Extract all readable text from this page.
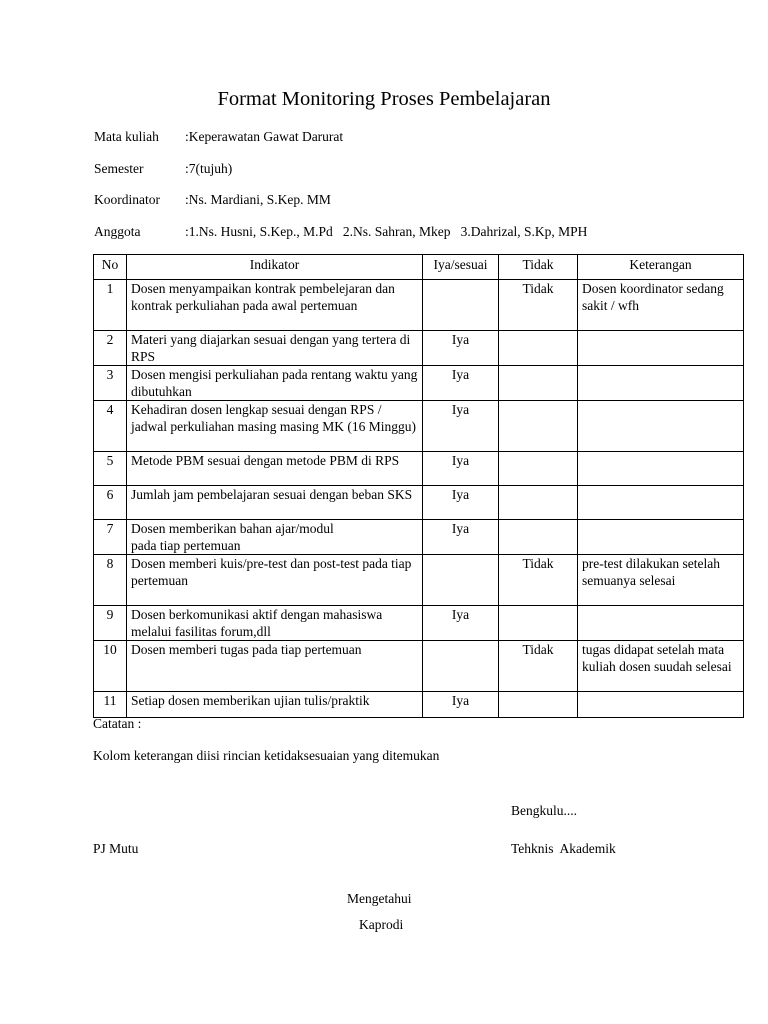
Format Monitoring Proses Pembelajaran
Mata kuliah :Keperawatan Gawat Darurat
Semester	:7(tujuh)
Koordinator :Ns. Mardiani, S.Kep. MM
Anggota	:1.Ns. Husni, S.Kep., M.Pd   2.Ns. Sahran, Mkep   3.Dahrizal, S.Kp, MPH
No	Indikator	Iya/sesuai	Tidak	Keterangan
1	Dosen menyampaikan kontrak pembelejaran dan kontrak perkuliahan pada awal pertemuan		Tidak	Dosen koordinator sedang sakit / wfh
2	Materi yang diajarkan sesuai dengan yang tertera di RPS	Iya		
3	Dosen mengisi perkuliahan pada rentang waktu yang dibutuhkan	Iya		
4	Kehadiran dosen lengkap sesuai dengan RPS / jadwal perkuliahan masing masing MK (16 Minggu)	Iya		
5	Metode PBM sesuai dengan metode PBM di RPS	Iya		
6	Jumlah jam pembelajaran sesuai dengan beban SKS	Iya		
7	Dosen memberikan bahan ajar/modul
pada tiap pertemuan	Iya		
8	Dosen memberi kuis/pre-test dan post-test pada tiap pertemuan		Tidak	pre-test dilakukan setelah semuanya selesai
9	Dosen berkomunikasi aktif dengan mahasiswa melalui fasilitas forum,dll	Iya		
10	Dosen memberi tugas pada tiap pertemuan		Tidak	tugas didapat setelah mata kuliah dosen suudah selesai
11	Setiap dosen memberikan ujian tulis/praktik	Iya		
Catatan :
Kolom keterangan diisi rincian ketidaksesuaian yang ditemukan
Bengkulu....
PJ Mutu	Tehknis  Akademik
Mengetahui
Kaprodi
